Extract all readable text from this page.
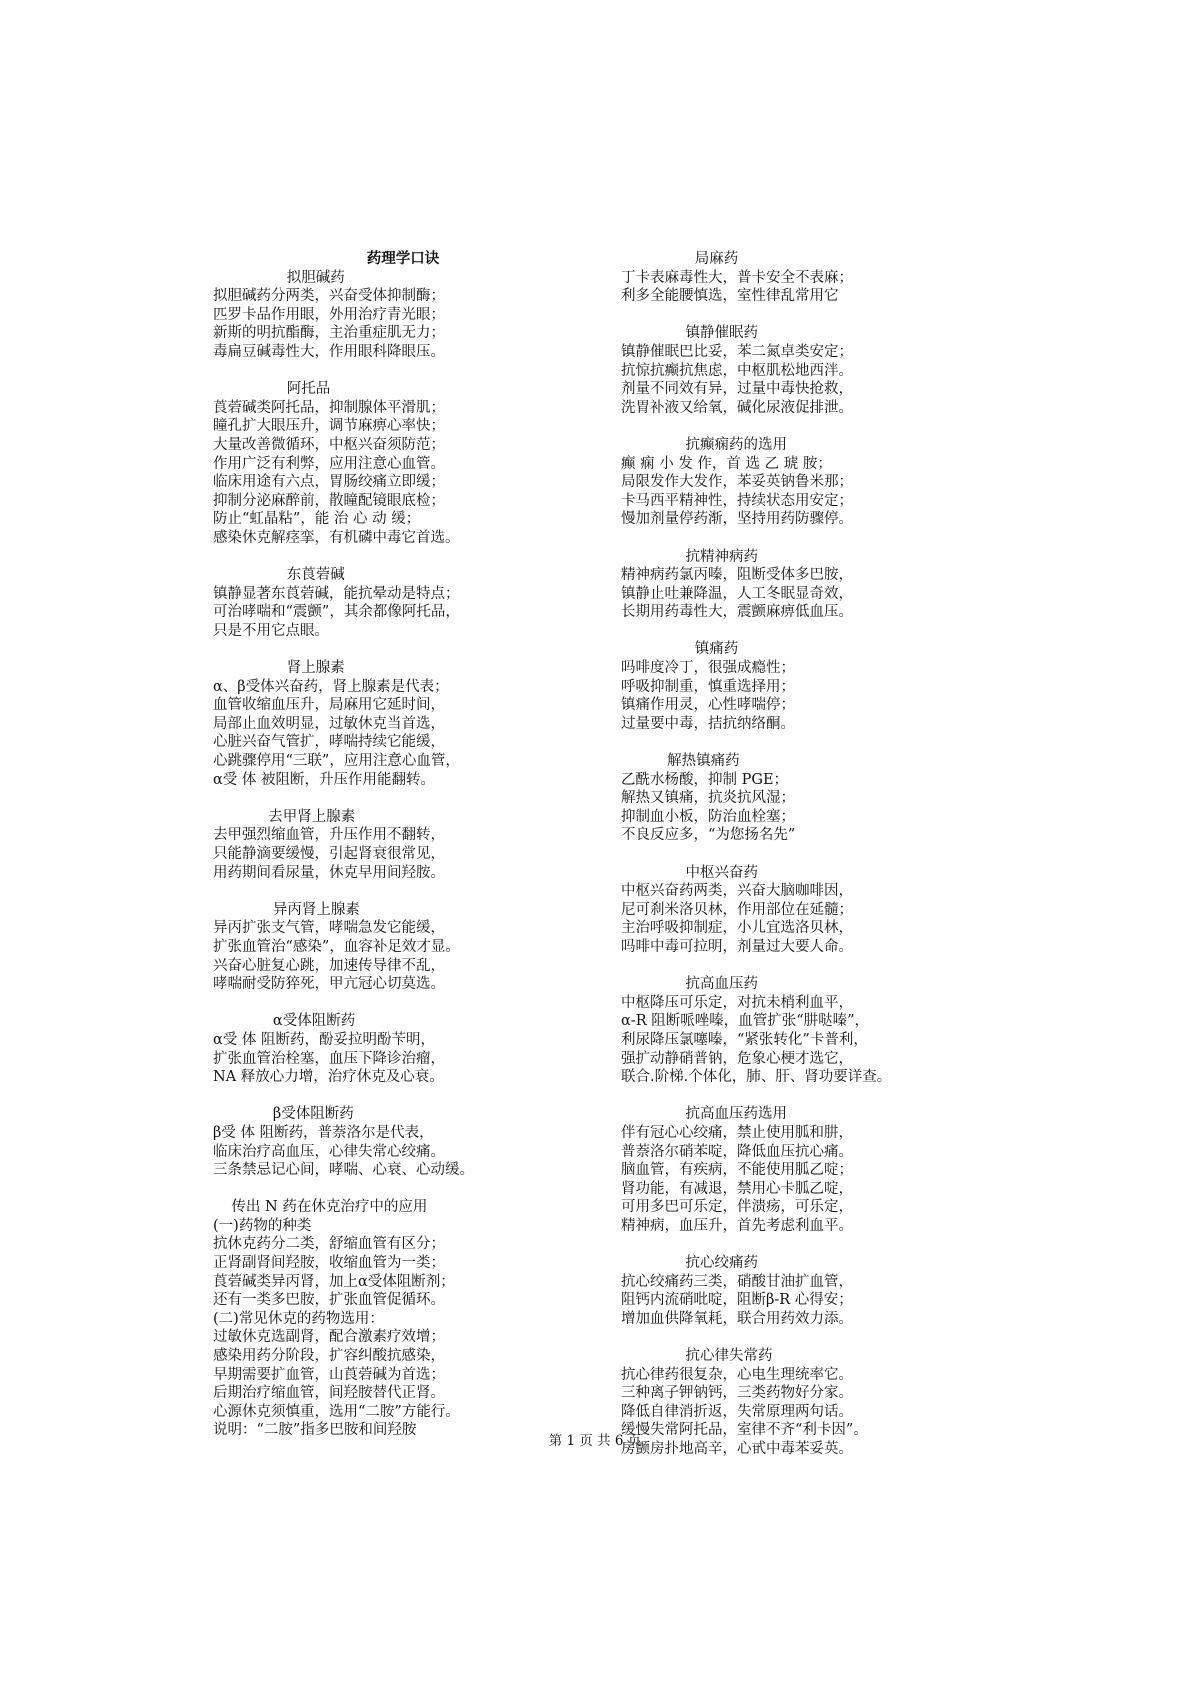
药理学口诀
拟胆碱药
拟胆碱药分两类，兴奋受体抑制酶；
匹罗卡品作用眼，外用治疗青光眼；
新斯的明抗酯酶，主治重症肌无力；
毒扁豆碱毒性大，作用眼科降眼压。
阿托品
莨菪碱类阿托品，抑制腺体平滑肌；
瞳孔扩大眼压升，调节麻痹心率快；
大量改善微循环，中枢兴奋须防范；
作用广泛有利弊，应用注意心血管。
临床用途有六点，胃肠绞痛立即缓；
抑制分泌麻醉前，散瞳配镜眼底检；
防止“虹晶粘”，能 治 心 动 缓；
感染休克解痉挛，有机磷中毒它首选。
东莨菪碱
镇静显著东莨菪碱，能抗晕动是特点；
可治哮喘和“震颤”，其余都像阿托品，
只是不用它点眼。
肾上腺素
α、β受体兴奋药，肾上腺素是代表；
血管收缩血压升，局麻用它延时间，
局部止血效明显，过敏休克当首选，
心脏兴奋气管扩，哮喘持续它能缓，
心跳骤停用“三联”，应用注意心血管，
α受 体 被阻断，升压作用能翻转。
去甲肾上腺素
去甲强烈缩血管，升压作用不翻转，
只能静滴要缓慢，引起肾衰很常见，
用药期间看尿量，休克早用间羟胺。
异丙肾上腺素
异丙扩张支气管，哮喘急发它能缓，
扩张血管治“感染”，血容补足效才显。
兴奋心脏复心跳，加速传导律不乱，
哮喘耐受防猝死，甲亢冠心切莫选。
α受体阻断药
α受 体 阻断药，酚妥拉明酚苄明，
扩张血管治栓塞，血压下降诊治瘤，
NA 释放心力增，治疗休克及心衰。
β受体阻断药
β受 体 阻断药，普萘洛尔是代表，
临床治疗高血压，心律失常心绞痛。
三条禁忌记心间，哮喘、心衰、心动缓。
传出 N 药在休克治疗中的应用
(一)药物的种类
抗休克药分二类，舒缩血管有区分；
正肾副肾间羟胺，收缩血管为一类；
莨菪碱类异丙肾，加上α受体阻断剂；
还有一类多巴胺，扩张血管促循环。
(二)常见休克的药物选用：
过敏休克选副肾，配合激素疗效增；
感染用药分阶段，扩容纠酸抗感染，
早期需要扩血管，山莨菪碱为首选；
后期治疗缩血管，间羟胺替代正肾。
心源休克须慎重，选用“二胺”方能行。
说明：“二胺”指多巴胺和间羟胺
局麻药
丁卡表麻毒性大，普卡安全不表麻；
利多全能腰慎选，室性律乱常用它
镇静催眠药
镇静催眠巴比妥，苯二氮卓类安定；
抗惊抗癫抗焦虑，中枢肌松地西泮。
剂量不同效有异，过量中毒快抢救，
洗胃补液又给氧，碱化尿液促排泄。
抗癫痫药的选用
癫 痫 小 发 作，首 选 乙 琥 胺；
局限发作大发作，苯妥英钠鲁米那；
卡马西平精神性，持续状态用安定；
慢加剂量停药渐，坚持用药防骤停。
抗精神病药
精神病药氯丙嗪，阻断受体多巴胺，
镇静止吐兼降温，人工冬眠显奇效，
长期用药毒性大，震颤麻痹低血压。
镇痛药
吗啡度冷丁，很强成瘾性；
呼吸抑制重，慎重选择用；
镇痛作用灵，心性哮喘停；
过量要中毒，拮抗纳络酮。
解热镇痛药
乙酰水杨酸，抑制 PGE；
解热又镇痛，抗炎抗风湿；
抑制血小板，防治血栓塞；
不良反应多，“为您扬名先”
中枢兴奋药
中枢兴奋药两类，兴奋大脑咖啡因，
尼可刹米洛贝林，作用部位在延髓；
主治呼吸抑制症，小儿宜选洛贝林，
吗啡中毒可拉明，剂量过大要人命。
抗高血压药
中枢降压可乐定，对抗未梢利血平，
α-R 阻断哌唑嗪，血管扩张“肼哒嗪”，
利尿降压氯噻嗪，“紧张转化”卡普利，
强扩动静硝普钠，危象心梗才选它，
联合.阶梯.个体化，肺、肝、肾功要详查。
抗高血压药选用
伴有冠心心绞痛，禁止使用胍和肼，
普萘洛尔硝苯啶，降低血压抗心痛。
脑血管，有疾病，不能使用胍乙啶；
肾功能，有减退，禁用心卡胍乙啶，
可用多巴可乐定，伴溃疡，可乐定，
精神病，血压升，首先考虑利血平。
抗心绞痛药
抗心绞痛药三类，硝酸甘油扩血管，
阻钙内流硝吡啶，阻断β-R 心得安；
增加血供降氧耗，联合用药效力添。
抗心律失常药
抗心律药很复杂，心电生理统率它。
三种离子钾钠钙，三类药物好分家。
降低自律消折返，失常原理两句话。
缓慢失常阿托品，室律不齐“利卡因”。
房颤房扑地高辛，心甙中毒苯妥英。
第 1 页 共 6 页
